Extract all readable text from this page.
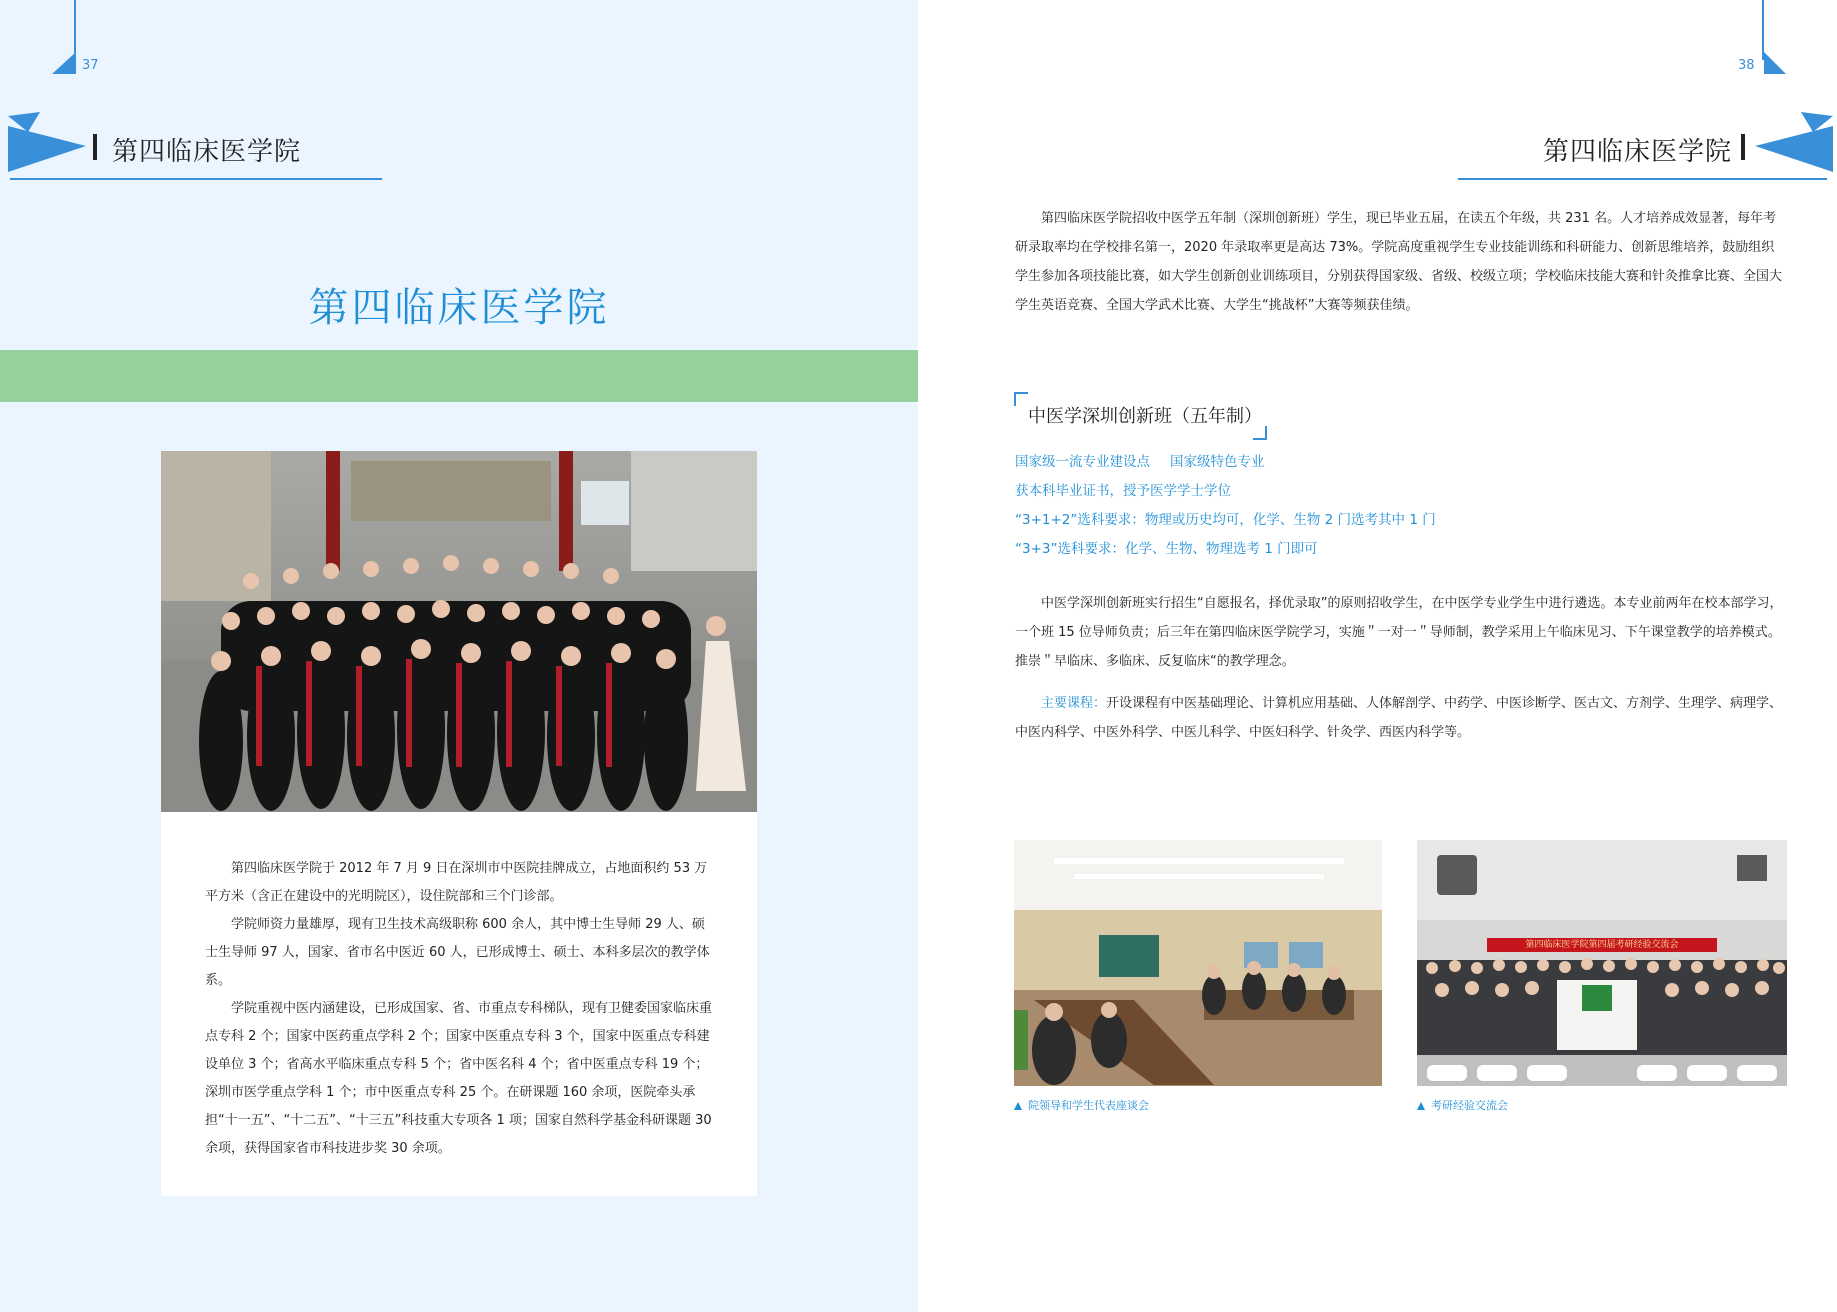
37
第四临床医学院
第四临床医学院

第四临床医学院于 2012 年 7 月 9 日在深圳市中医院挂牌成立，占地面积约 53 万平方米（含正在建设中的光明院区），设住院部和三个门诊部。

学院师资力量雄厚，现有卫生技术高级职称 600 余人，其中博士生导师 29 人、硕士生导师 97 人，国家、省市名中医近 60 人，已形成博士、硕士、本科多层次的教学体系。

学院重视中医内涵建设，已形成国家、省、市重点专科梯队，现有卫健委国家临床重点专科 2 个；国家中医药重点学科 2 个；国家中医重点专科 3 个，国家中医重点专科建设单位 3 个；省高水平临床重点专科 5 个；省中医名科 4 个；省中医重点专科 19 个；深圳市医学重点学科 1 个；市中医重点专科 25 个。在研课题 160 余项，医院牵头承担“十一五”、“十二五”、“十三五”科技重大专项各 1 项；国家自然科学基金科研课题 30 余项，获得国家省市科技进步奖 30 余项。

38
第四临床医学院
第四临床医学院招收中医学五年制（深圳创新班）学生，现已毕业五届，在读五个年级，共 231 名。人才培养成效显著，每年考研录取率均在学校排名第一，2020 年录取率更是高达 73%。学院高度重视学生专业技能训练和科研能力、创新思维培养，鼓励组织学生参加各项技能比赛，如大学生创新创业训练项目，分别获得国家级、省级、校级立项；学校临床技能大赛和针灸推拿比赛、全国大学生英语竞赛、全国大学武术比赛、大学生“挑战杯”大赛等频获佳绩。
中医学深圳创新班（五年制）
国家级一流专业建设点 国家级特色专业
获本科毕业证书，授予医学学士学位
“3+1+2”选科要求：物理或历史均可，化学、生物 2 门选考其中 1 门
“3+3”选科要求：化学、生物、物理选考 1 门即可
中医学深圳创新班实行招生“自愿报名，择优录取”的原则招收学生，在中医学专业学生中进行遴选。本专业前两年在校本部学习，一个班 15 位导师负责；后三年在第四临床医学院学习，实施＂一对一＂导师制，教学采用上午临床见习、下午课堂教学的培养模式。推崇＂早临床、多临床、反复临床“的教学理念。
主要课程：开设课程有中医基础理论、计算机应用基础、人体解剖学、中药学、中医诊断学、医古文、方剂学、生理学、病理学、中医内科学、中医外科学、中医儿科学、中医妇科学、针灸学、西医内科学等。
第四临床医学院第四届考研经验交流会
院领导和学生代表座谈会	考研经验交流会
